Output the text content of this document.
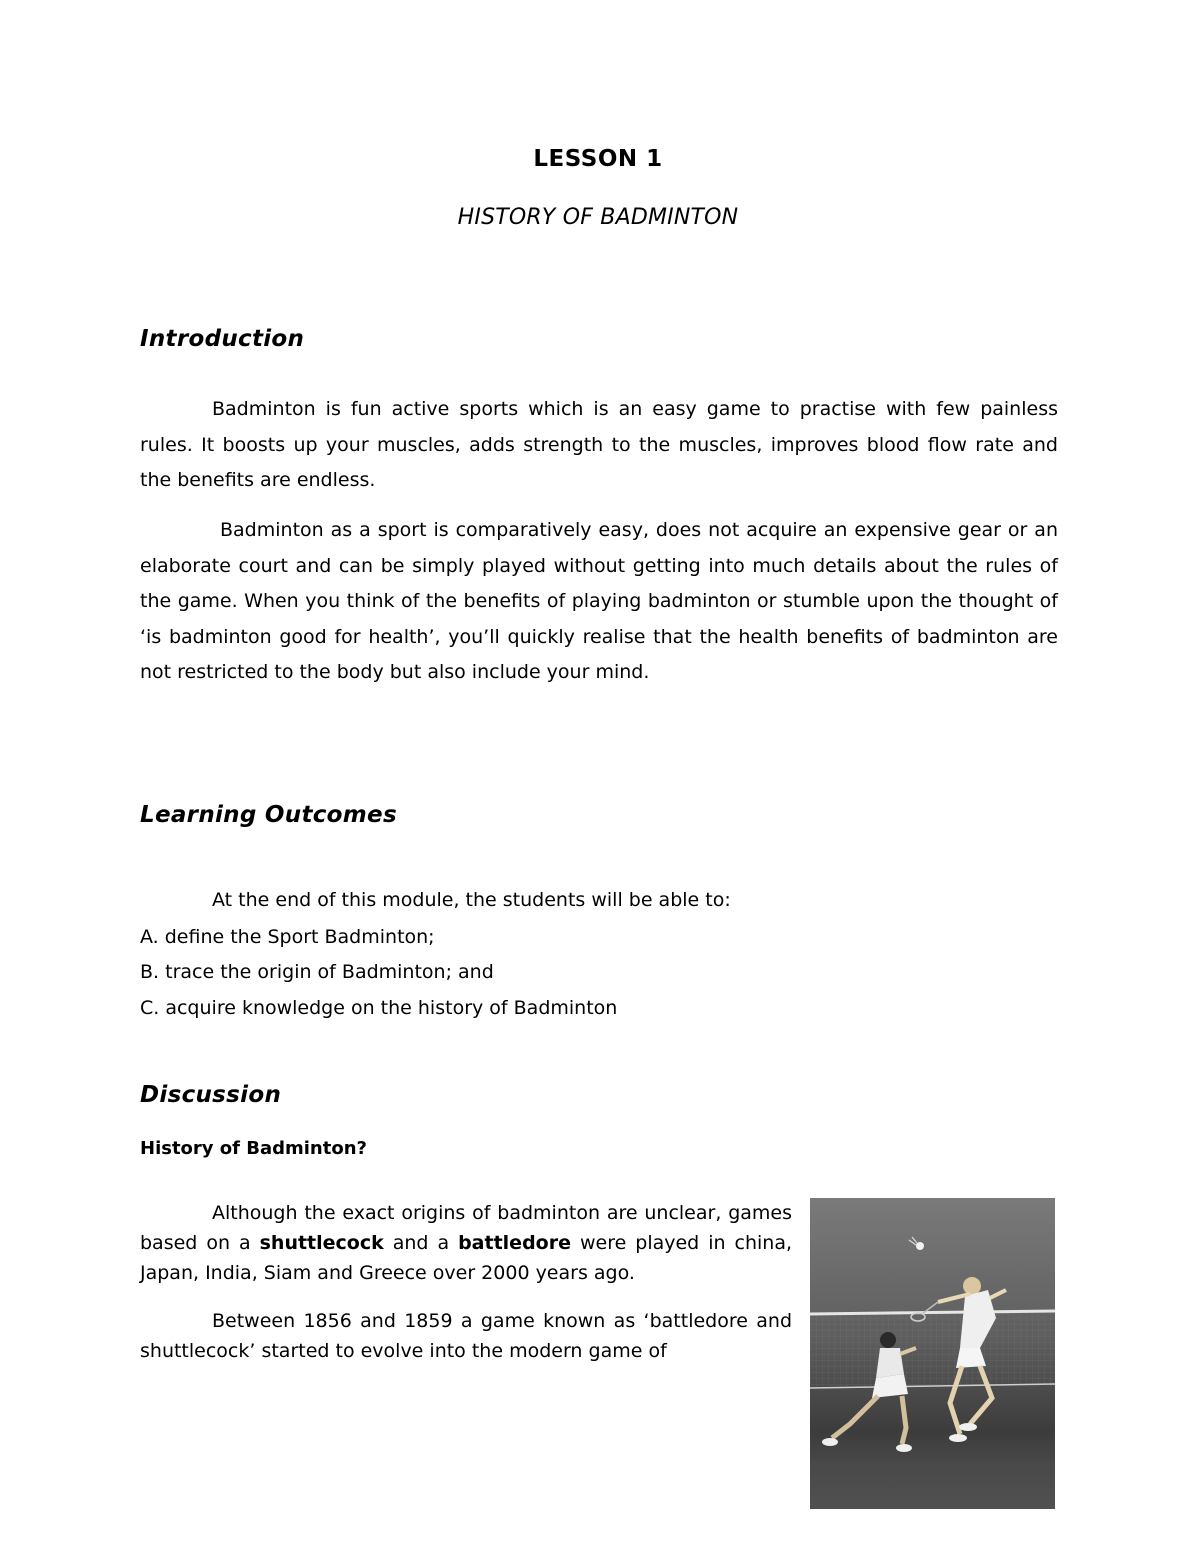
LESSON 1
HISTORY OF BADMINTON
Introduction

Badminton is fun active sports which is an easy game to practise with few painless rules. It boosts up your muscles, adds strength to the muscles, improves blood flow rate and the benefits are endless.

Badminton as a sport is comparatively easy, does not acquire an expensive gear or an elaborate court and can be simply played without getting into much details about the rules of the game. When you think of the benefits of playing badminton or stumble upon the thought of ‘is badminton good for health’, you’ll quickly realise that the health benefits of badminton are not restricted to the body but also include your mind.

Learning Outcomes

At the end of this module, the students will be able to:

A. define the Sport Badminton;

B. trace the origin of Badminton; and

C. acquire knowledge on the history of Badminton

Discussion

History of Badminton?

Although the exact origins of badminton are unclear, games based on a shuttlecock and a battledore were played in china, Japan, India, Siam and Greece over 2000 years ago.

Between 1856 and 1859 a game known as ‘battledore and shuttlecock’ started to evolve into the modern game of
